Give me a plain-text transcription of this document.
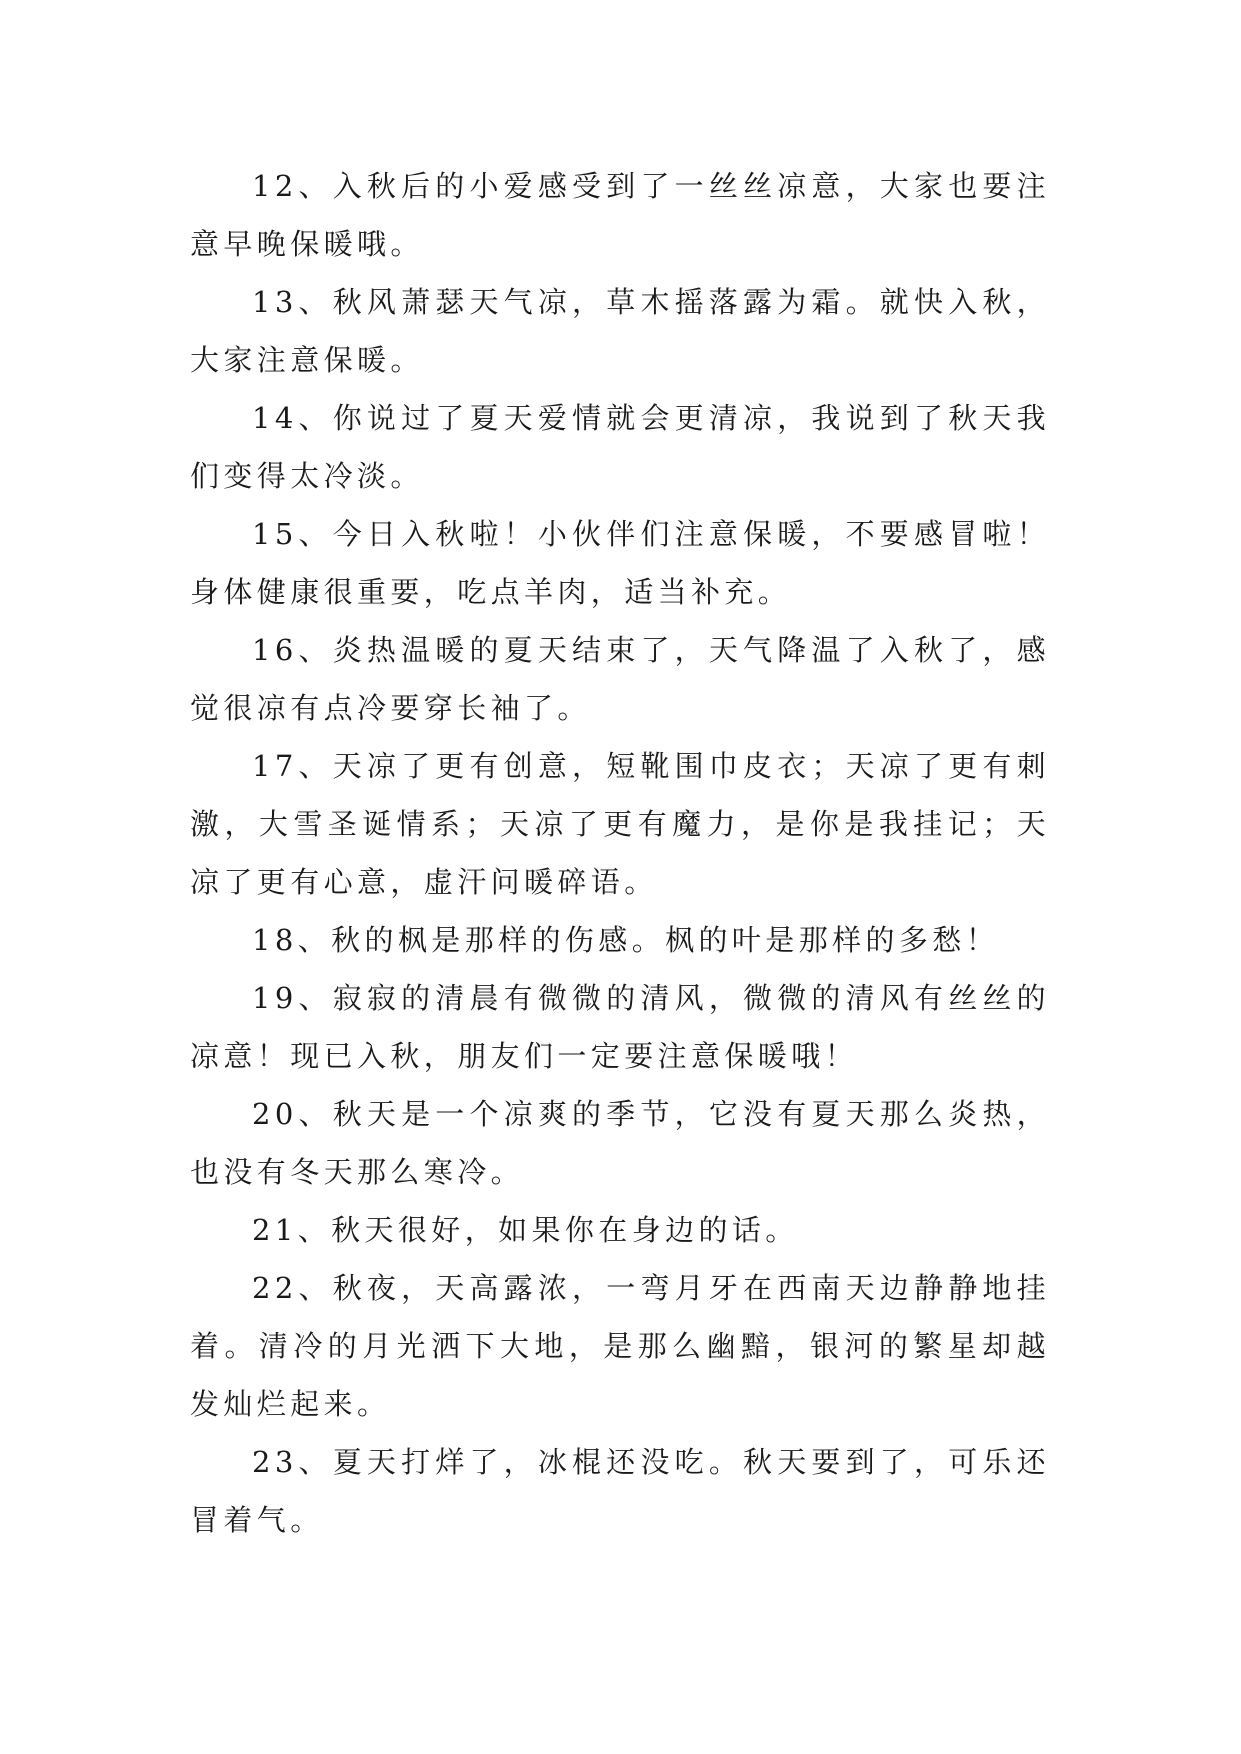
12、入秋后的小爱感受到了一丝丝凉意，大家也要注意早晚保暖哦。

13、秋风萧瑟天气凉，草木摇落露为霜。就快入秋，大家注意保暖。

14、你说过了夏天爱情就会更清凉，我说到了秋天我们变得太冷淡。

15、今日入秋啦！小伙伴们注意保暖，不要感冒啦！身体健康很重要，吃点羊肉，适当补充。

16、炎热温暖的夏天结束了，天气降温了入秋了，感觉很凉有点冷要穿长袖了。

17、天凉了更有创意，短靴围巾皮衣；天凉了更有刺激，大雪圣诞情系；天凉了更有魔力，是你是我挂记；天凉了更有心意，虚汗问暖碎语。

18、秋的枫是那样的伤感。枫的叶是那样的多愁！

19、寂寂的清晨有微微的清风，微微的清风有丝丝的凉意！现已入秋，朋友们一定要注意保暖哦！

20、秋天是一个凉爽的季节，它没有夏天那么炎热，也没有冬天那么寒冷。

21、秋天很好，如果你在身边的话。

22、秋夜，天高露浓，一弯月牙在西南天边静静地挂着。清冷的月光洒下大地，是那么幽黯，银河的繁星却越发灿烂起来。

23、夏天打烊了，冰棍还没吃。秋天要到了，可乐还冒着气。
